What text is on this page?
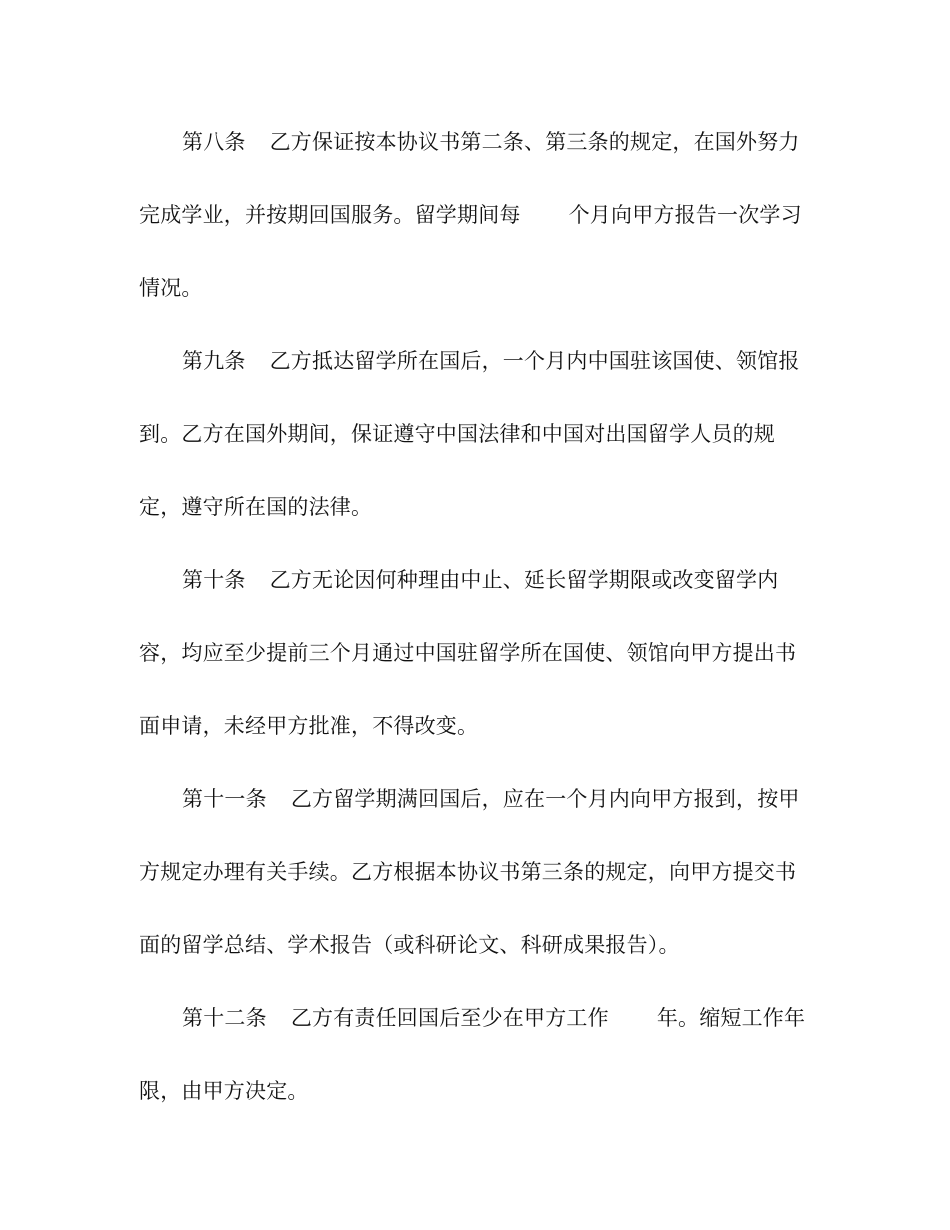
第八条 乙方保证按本协议书第二条、第三条的规定，在国外努力
完成学业，并按期回国服务。留学期间每 个月向甲方报告一次学习
情况。
第九条 乙方抵达留学所在国后，一个月内中国驻该国使、领馆报
到。乙方在国外期间，保证遵守中国法律和中国对出国留学人员的规
定，遵守所在国的法律。
第十条 乙方无论因何种理由中止、延长留学期限或改变留学内
容，均应至少提前三个月通过中国驻留学所在国使、领馆向甲方提出书
面申请，未经甲方批准，不得改变。
第十一条 乙方留学期满回国后，应在一个月内向甲方报到，按甲
方规定办理有关手续。乙方根据本协议书第三条的规定，向甲方提交书
面的留学总结、学术报告（或科研论文、科研成果报告）。
第十二条 乙方有责任回国后至少在甲方工作 年。缩短工作年
限，由甲方决定。
